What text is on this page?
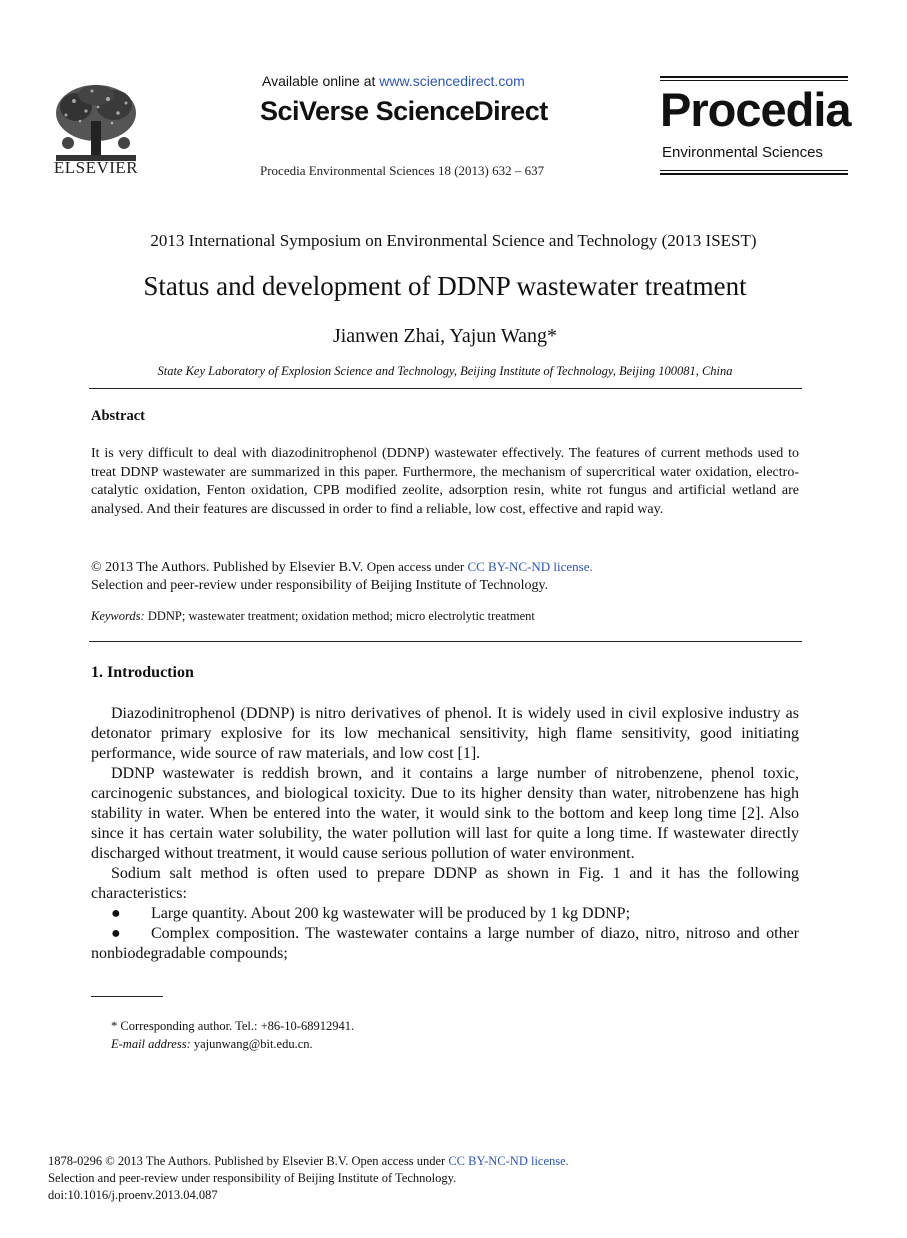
ELSEVIER
Available online at www.sciencedirect.com
SciVerse ScienceDirect
Procedia Environmental Sciences 18 (2013) 632 – 637
Procedia
Environmental Sciences
2013 International Symposium on Environmental Science and Technology (2013 ISEST)
Status and development of DDNP wastewater treatment
Jianwen Zhai, Yajun Wang*
State Key Laboratory of Explosion Science and Technology, Beijing Institute of Technology, Beijing 100081, China
Abstract
It is very difficult to deal with diazodinitrophenol (DDNP) wastewater effectively. The features of current methods used to treat DDNP wastewater are summarized in this paper. Furthermore, the mechanism of supercritical water oxidation, electro-catalytic oxidation, Fenton oxidation, CPB modified zeolite, adsorption resin, white rot fungus and artificial wetland are analysed. And their features are discussed in order to find a reliable, low cost, effective and rapid way.
© 2013 The Authors. Published by Elsevier B.V. Open access under CC BY-NC-ND license.
Selection and peer-review under responsibility of Beijing Institute of Technology.
Keywords: DDNP; wastewater treatment; oxidation method; micro electrolytic treatment
1. Introduction
Diazodinitrophenol (DDNP) is nitro derivatives of phenol. It is widely used in civil explosive industry as detonator primary explosive for its low mechanical sensitivity, high flame sensitivity, good initiating performance, wide source of raw materials, and low cost [1].
DDNP wastewater is reddish brown, and it contains a large number of nitrobenzene, phenol toxic, carcinogenic substances, and biological toxicity. Due to its higher density than water, nitrobenzene has high stability in water. When be entered into the water, it would sink to the bottom and keep long time [2]. Also since it has certain water solubility, the water pollution will last for quite a long time. If wastewater directly discharged without treatment, it would cause serious pollution of water environment.
Sodium salt method is often used to prepare DDNP as shown in Fig. 1 and it has the following characteristics:
● Large quantity. About 200 kg wastewater will be produced by 1 kg DDNP;
● Complex composition. The wastewater contains a large number of diazo, nitro, nitroso and other nonbiodegradable compounds;
* Corresponding author. Tel.: +86-10-68912941.
E-mail address: yajunwang@bit.edu.cn.
1878-0296 © 2013 The Authors. Published by Elsevier B.V. Open access under CC BY-NC-ND license.
Selection and peer-review under responsibility of Beijing Institute of Technology.
doi:10.1016/j.proenv.2013.04.087
